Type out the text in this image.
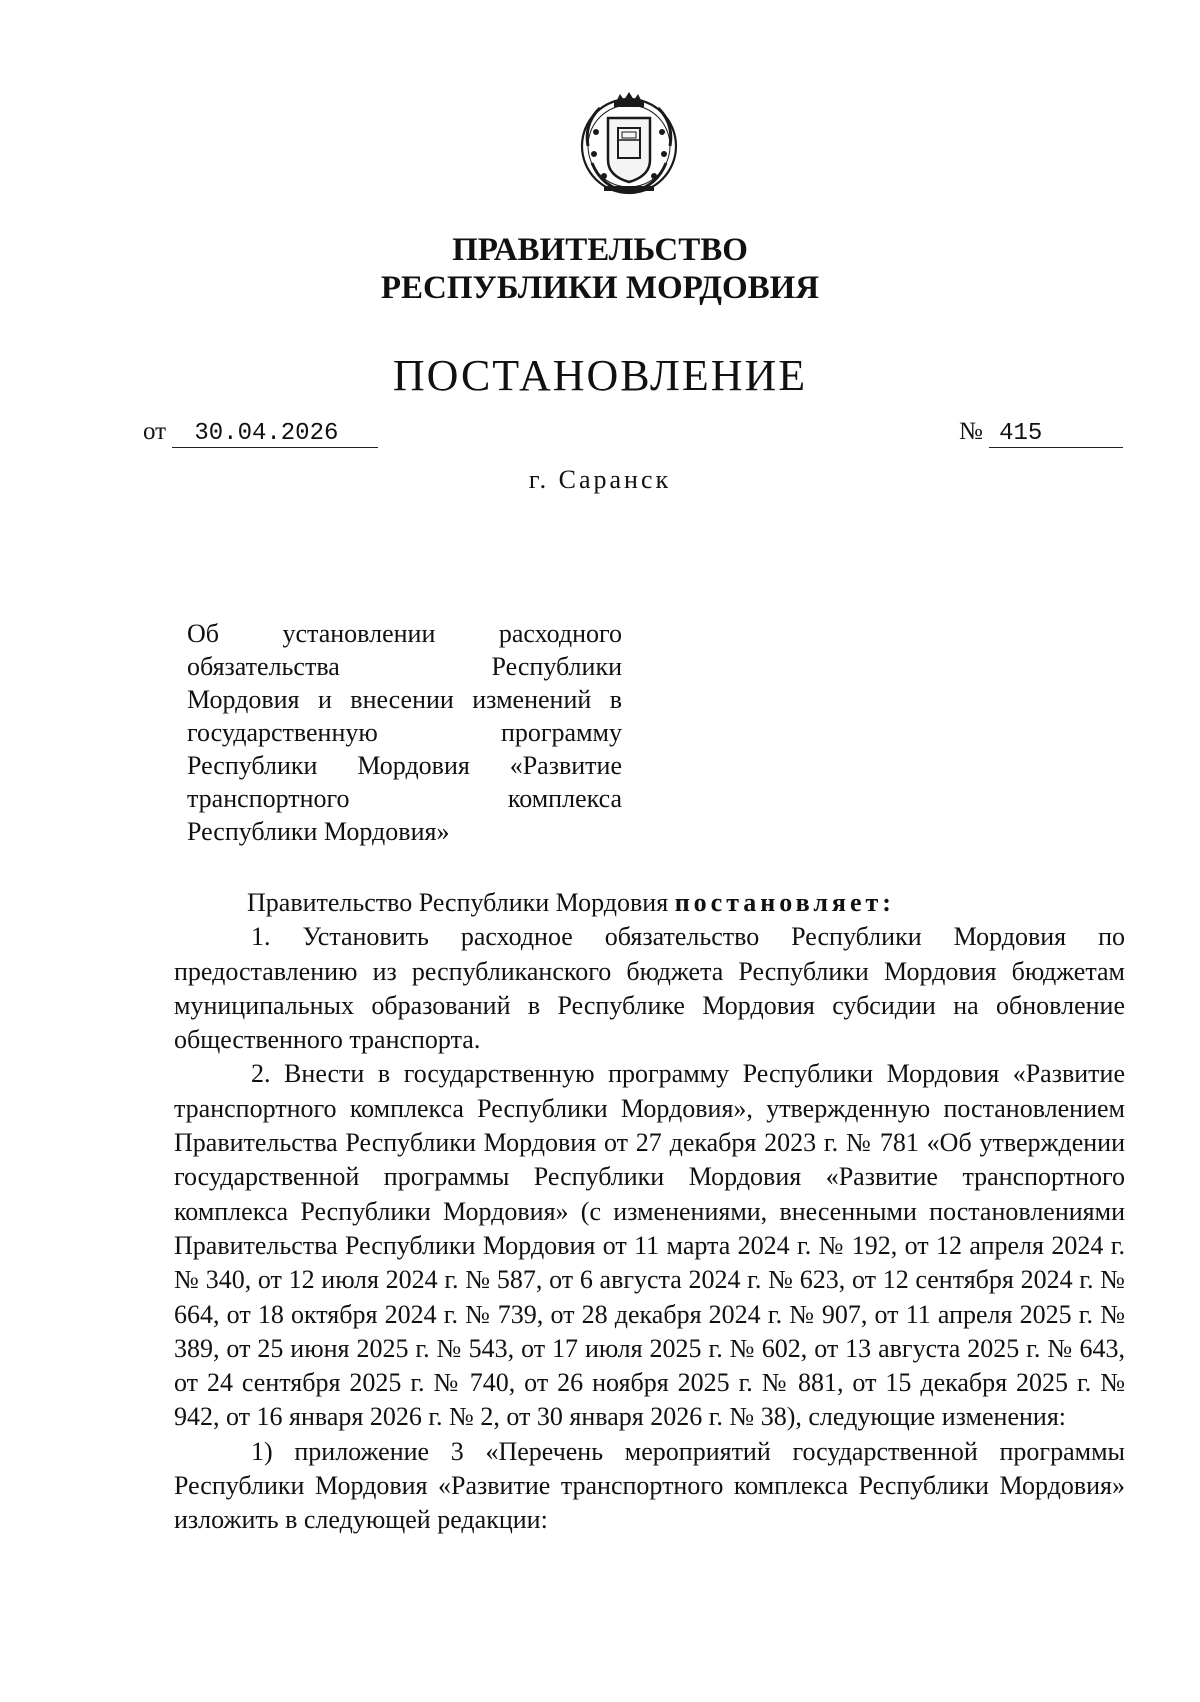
ПРАВИТЕЛЬСТВО
РЕСПУБЛИКИ МОРДОВИЯ
ПОСТАНОВЛЕНИЕ
от 30.04.2026	№ 415
г. Саранск
Об установлении расходного
обязательства Республики
Мордовия и внесении изменений в
государственную программу
Республики Мордовия «Развитие
транспортного комплекса
Республики Мордовия»

Правительство Республики Мордовия постановляет:

1. Установить расходное обязательство Республики Мордовия по предоставлению из республиканского бюджета Республики Мордовия бюджетам муниципальных образований в Республике Мордовия субсидии на обновление общественного транспорта.

2. Внести в государственную программу Республики Мордовия «Развитие транспортного комплекса Республики Мордовия», утвержденную постановлением Правительства Республики Мордовия от 27 декабря 2023 г. № 781 «Об утверждении государственной программы Республики Мордовия «Развитие транспортного комплекса Республики Мордовия» (с изменениями, внесенными постановлениями Правительства Республики Мордовия от 11 марта 2024 г. № 192, от 12 апреля 2024 г. № 340, от 12 июля 2024 г. № 587, от 6 августа 2024 г. № 623, от 12 сентября 2024 г. № 664, от 18 октября 2024 г. № 739, от 28 декабря 2024 г. № 907, от 11 апреля 2025 г. № 389, от 25 июня 2025 г. № 543, от 17 июля 2025 г. № 602, от 13 августа 2025 г. № 643, от 24 сентября 2025 г. № 740, от 26 ноября 2025 г. № 881, от 15 декабря 2025 г. № 942, от 16 января 2026 г. № 2, от 30 января 2026 г. № 38), следующие изменения:

1) приложение 3 «Перечень мероприятий государственной программы Республики Мордовия «Развитие транспортного комплекса Республики Мордовия» изложить в следующей редакции:
